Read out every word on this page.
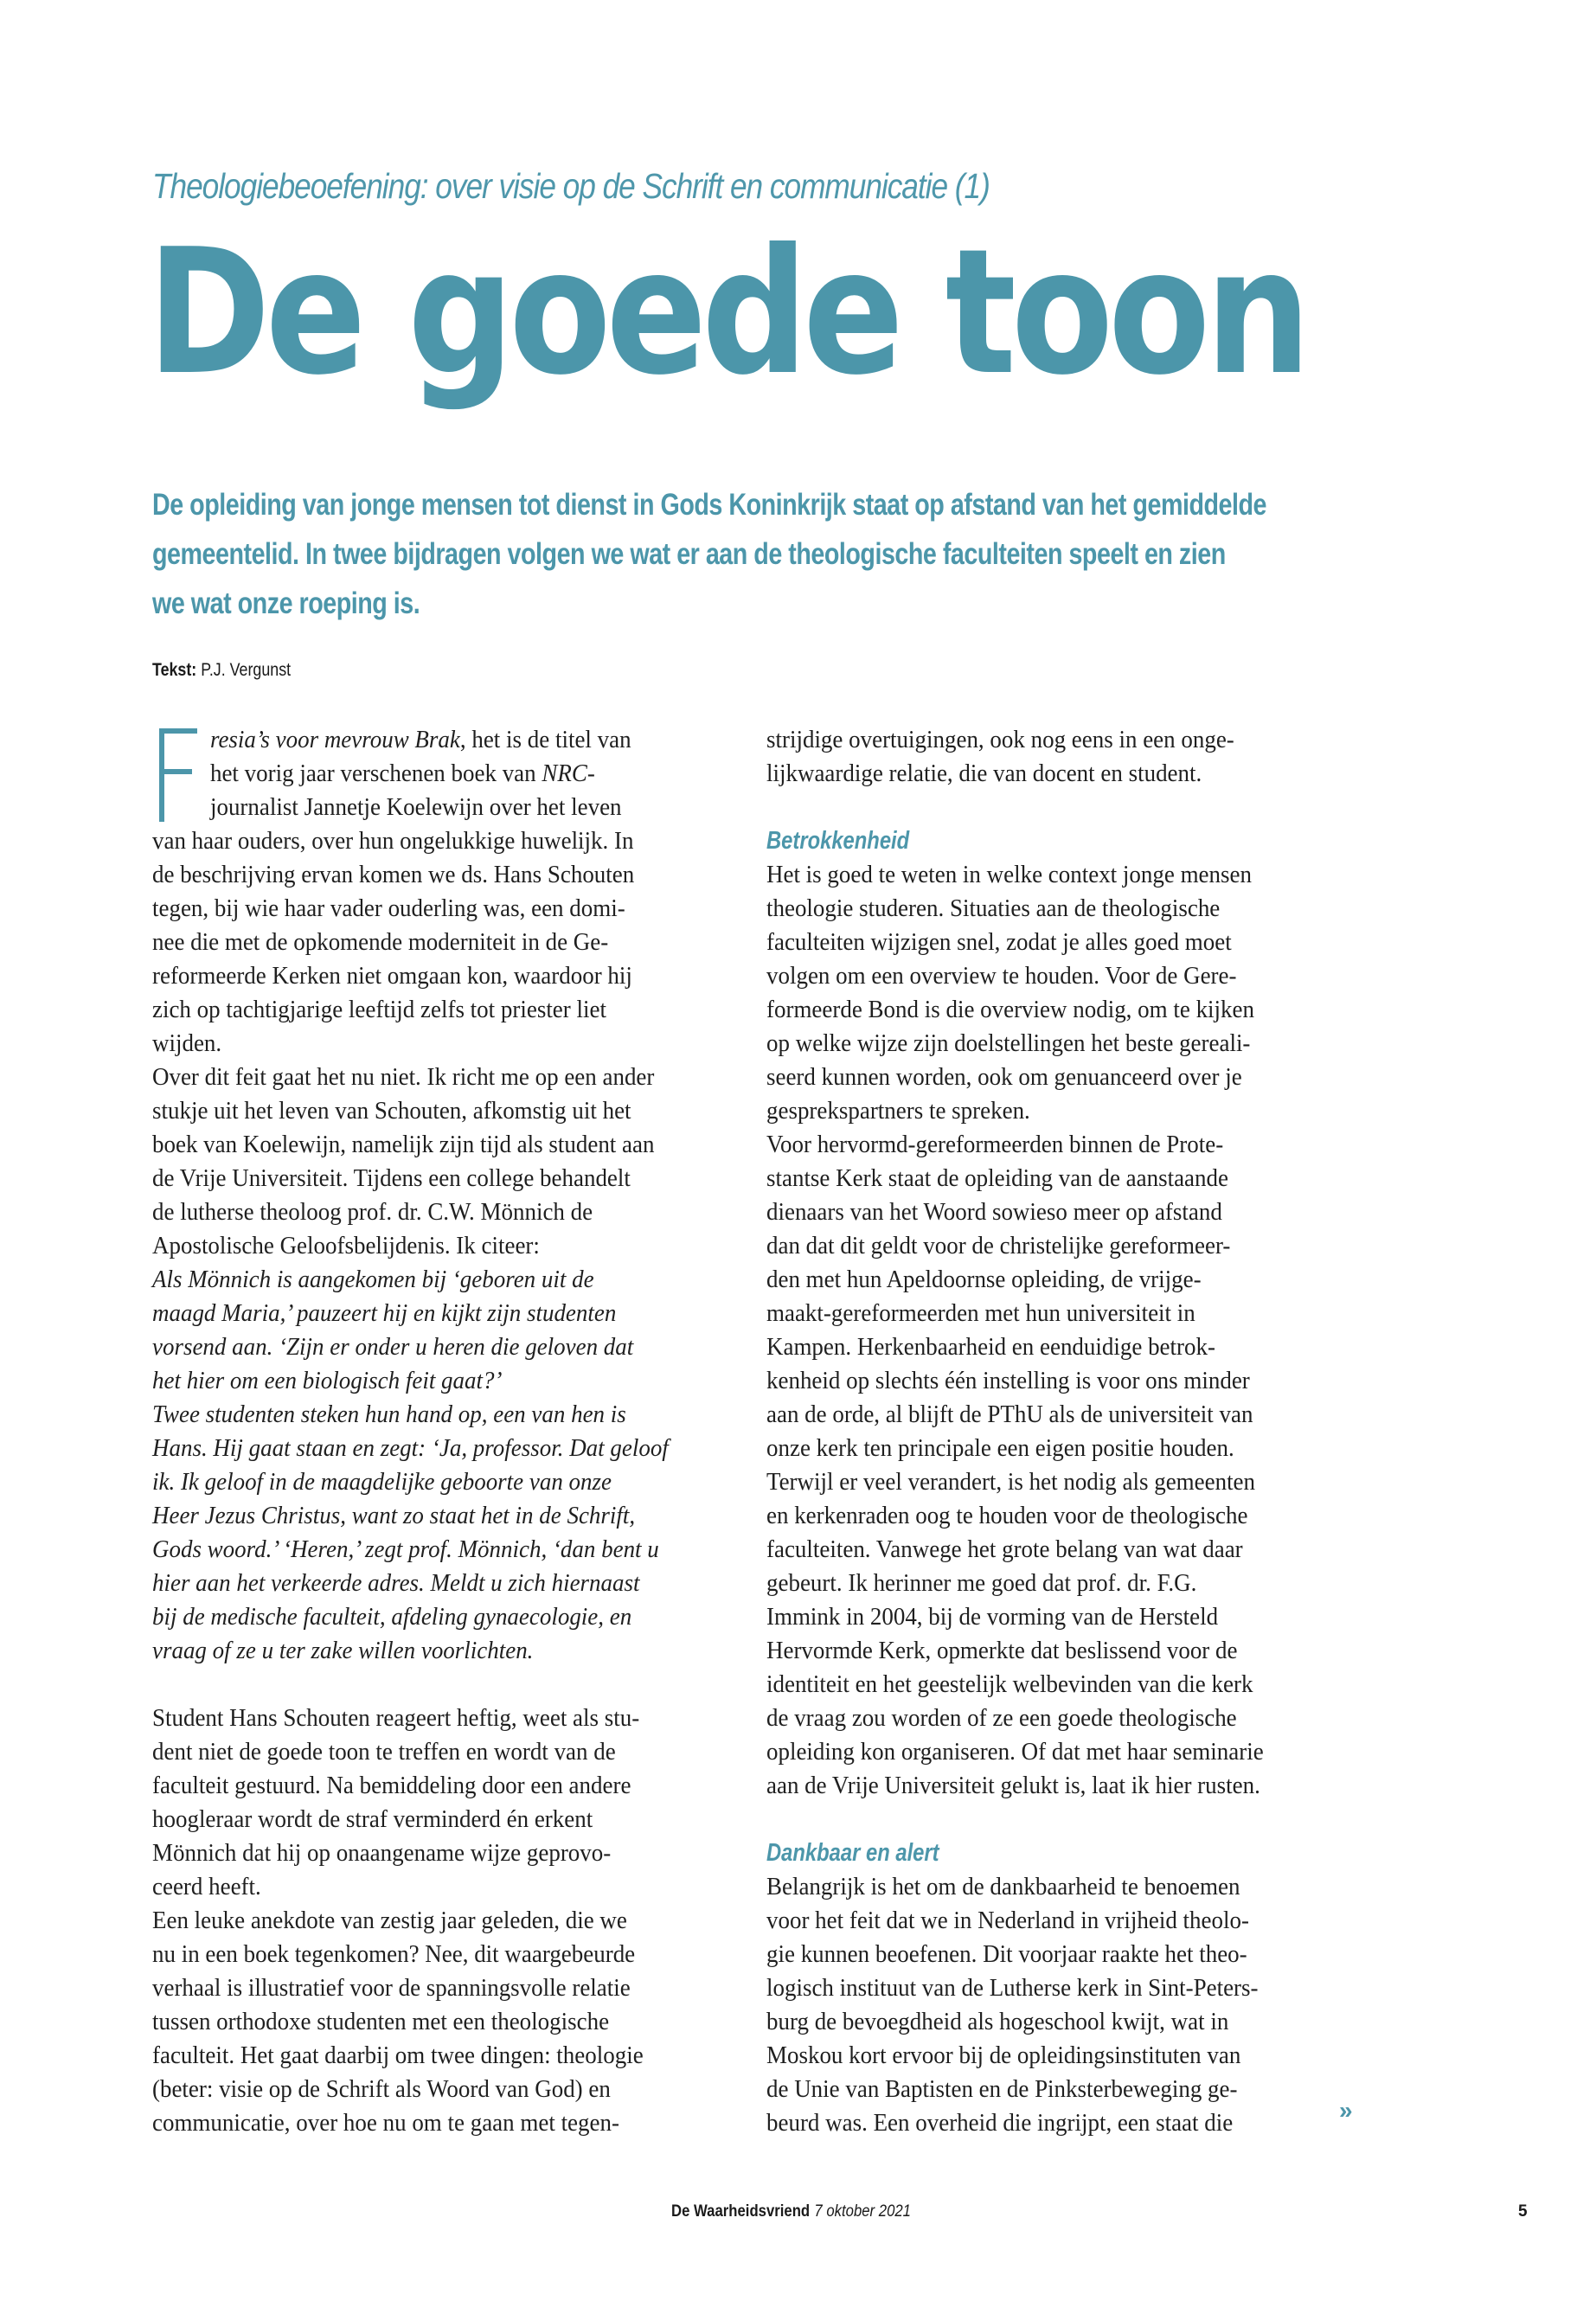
Theologiebeoefening: over visie op de Schrift en communicatie (1)
De goede toon
De opleiding van jonge mensen tot dienst in Gods Koninkrijk staat op afstand van het gemiddelde
gemeentelid. In twee bijdragen volgen we wat er aan de theologische faculteiten speelt en zien
we wat onze roeping is.
Tekst: P.J. Vergunst
resia’s voor mevrouw Brak, het is de titel van
het vorig jaar verschenen boek van NRC-
journalist Jannetje Koelewijn over het leven
van haar ouders, over hun ongelukkige huwelijk. In
de beschrijving ervan komen we ds. Hans Schouten
tegen, bij wie haar vader ouderling was, een domi-
nee die met de opkomende moderniteit in de Ge-
reformeerde Kerken niet omgaan kon, waardoor hij
zich op tachtigjarige leeftijd zelfs tot priester liet
wijden.
Over dit feit gaat het nu niet. Ik richt me op een ander
stukje uit het leven van Schouten, afkomstig uit het
boek van Koelewijn, namelijk zijn tijd als student aan
de Vrije Universiteit. Tijdens een college behandelt
de lutherse theoloog prof. dr. C.W. Mönnich de
Apostolische Geloofsbelijdenis. Ik citeer:
Als Mönnich is aangekomen bij ‘geboren uit de
maagd Maria,’ pauzeert hij en kijkt zijn studenten
vorsend aan. ‘Zijn er onder u heren die geloven dat
het hier om een biologisch feit gaat?’
Twee studenten steken hun hand op, een van hen is
Hans. Hij gaat staan en zegt: ‘Ja, professor. Dat geloof
ik. Ik geloof in de maagdelijke geboorte van onze
Heer Jezus Christus, want zo staat het in de Schrift,
Gods woord.’ ‘Heren,’ zegt prof. Mönnich, ‘dan bent u
hier aan het verkeerde adres. Meldt u zich hiernaast
bij de medische faculteit, afdeling gynaecologie, en
vraag of ze u ter zake willen voorlichten.
Student Hans Schouten reageert heftig, weet als stu-
dent niet de goede toon te treffen en wordt van de
faculteit gestuurd. Na bemiddeling door een andere
hoogleraar wordt de straf verminderd én erkent
Mönnich dat hij op onaangename wijze geprovo-
ceerd heeft.
Een leuke anekdote van zestig jaar geleden, die we
nu in een boek tegenkomen? Nee, dit waargebeurde
verhaal is illustratief voor de spanningsvolle relatie
tussen orthodoxe studenten met een theologische
faculteit. Het gaat daarbij om twee dingen: theologie
(beter: visie op de Schrift als Woord van God) en
communicatie, over hoe nu om te gaan met tegen-
strijdige overtuigingen, ook nog eens in een onge-
lijkwaardige relatie, die van docent en student.
Betrokkenheid
Het is goed te weten in welke context jonge mensen
theologie studeren. Situaties aan de theologische
faculteiten wijzigen snel, zodat je alles goed moet
volgen om een overview te houden. Voor de Gere-
formeerde Bond is die overview nodig, om te kijken
op welke wijze zijn doelstellingen het beste gereali-
seerd kunnen worden, ook om genuanceerd over je
gesprekspartners te spreken.
Voor hervormd-gereformeerden binnen de Prote-
stantse Kerk staat de opleiding van de aanstaande
dienaars van het Woord sowieso meer op afstand
dan dat dit geldt voor de christelijke gereformeer-
den met hun Apeldoornse opleiding, de vrijge-
maakt-gereformeerden met hun universiteit in
Kampen. Herkenbaarheid en eenduidige betrok-
kenheid op slechts één instelling is voor ons minder
aan de orde, al blijft de PThU als de universiteit van
onze kerk ten principale een eigen positie houden.
Terwijl er veel verandert, is het nodig als gemeenten
en kerkenraden oog te houden voor de theologische
faculteiten. Vanwege het grote belang van wat daar
gebeurt. Ik herinner me goed dat prof. dr. F.G.
Immink in 2004, bij de vorming van de Hersteld
Hervormde Kerk, opmerkte dat beslissend voor de
identiteit en het geestelijk welbevinden van die kerk
de vraag zou worden of ze een goede theologische
opleiding kon organiseren. Of dat met haar seminarie
aan de Vrije Universiteit gelukt is, laat ik hier rusten.
Dankbaar en alert
Belangrijk is het om de dankbaarheid te benoemen
voor het feit dat we in Nederland in vrijheid theolo-
gie kunnen beoefenen. Dit voorjaar raakte het theo-
logisch instituut van de Lutherse kerk in Sint-Peters-
burg de bevoegdheid als hogeschool kwijt, wat in
Moskou kort ervoor bij de opleidingsinstituten van
de Unie van Baptisten en de Pinksterbeweging ge-
beurd was. Een overheid die ingrijpt, een staat die	»
De Waarheidsvriend 7 oktober 2021	5
